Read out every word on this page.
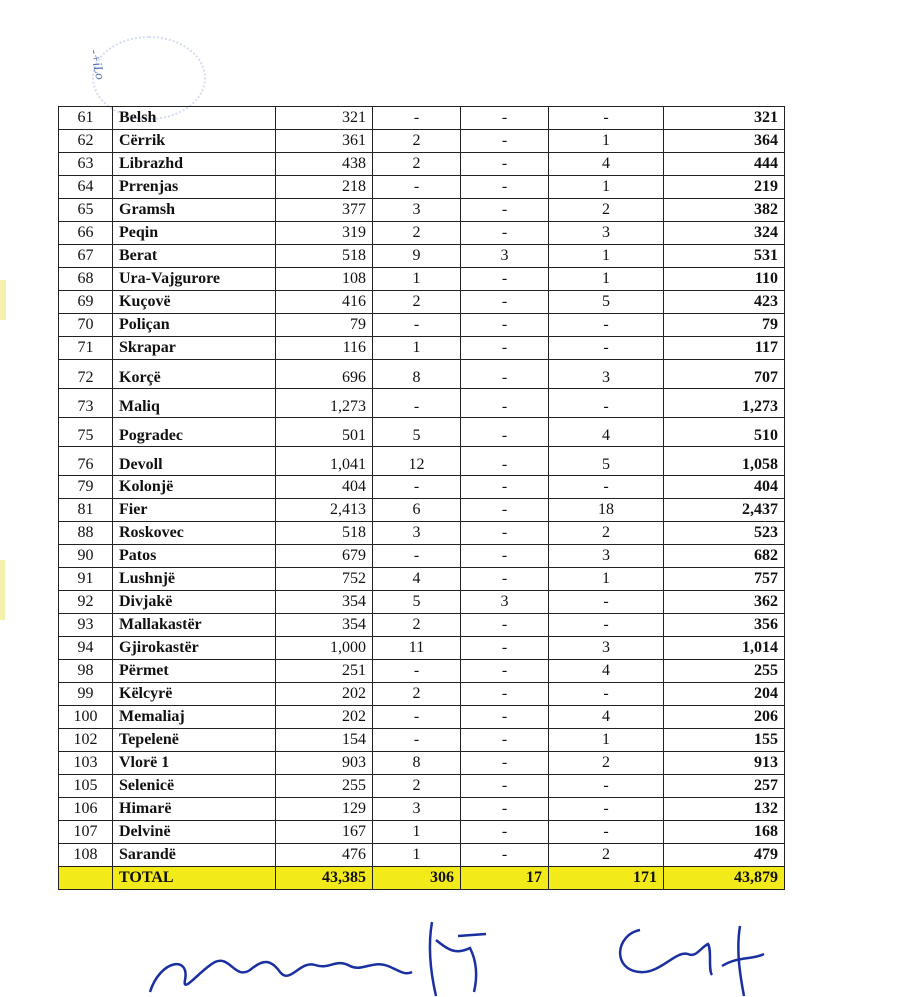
-+iLo
61	Belsh	321	-	-	-	321
62	Cërrik	361	2	-	1	364
63	Librazhd	438	2	-	4	444
64	Prrenjas	218	-	-	1	219
65	Gramsh	377	3	-	2	382
66	Peqin	319	2	-	3	324
67	Berat	518	9	3	1	531
68	Ura-Vajgurore	108	1	-	1	110
69	Kuçovë	416	2	-	5	423
70	Poliçan	79	-	-	-	79
71	Skrapar	116	1	-	-	117
72	Korçë	696	8	-	3	707
73	Maliq	1,273	-	-	-	1,273
75	Pogradec	501	5	-	4	510
76	Devoll	1,041	12	-	5	1,058
79	Kolonjë	404	-	-	-	404
81	Fier	2,413	6	-	18	2,437
88	Roskovec	518	3	-	2	523
90	Patos	679	-	-	3	682
91	Lushnjë	752	4	-	1	757
92	Divjakë	354	5	3	-	362
93	Mallakastër	354	2	-	-	356
94	Gjirokastër	1,000	11	-	3	1,014
98	Përmet	251	-	-	4	255
99	Këlcyrë	202	2	-	-	204
100	Memaliaj	202	-	-	4	206
102	Tepelenë	154	-	-	1	155
103	Vlorë 1	903	8	-	2	913
105	Selenicë	255	2	-	-	257
106	Himarë	129	3	-	-	132
107	Delvinë	167	1	-	-	168
108	Sarandë	476	1	-	2	479
	TOTAL	43,385	306	17	171	43,879
